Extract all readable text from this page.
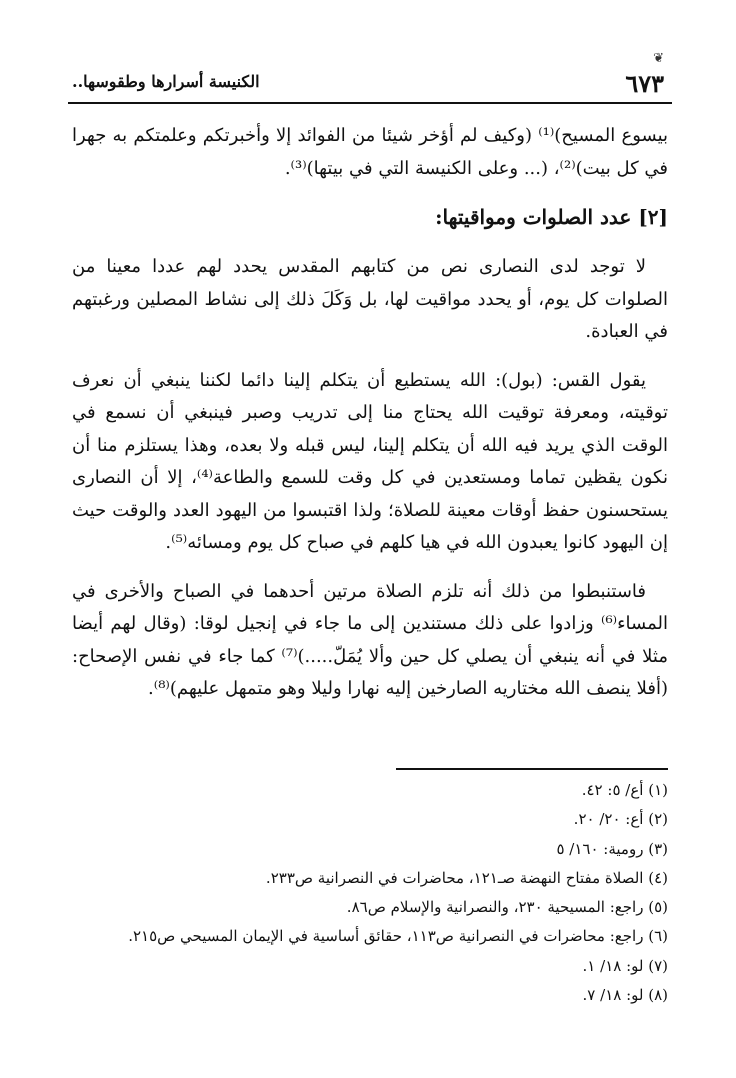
❦
٦٧٣
الكنيسة أسرارها وطقوسها..

بيسوع المسيح)⁽¹⁾ (وكيف لم أؤخر شيئا من الفوائد إلا وأخبرتكم وعلمتكم به جهرا في كل بيت)⁽²⁾، (... وعلى الكنيسة التي في بيتها)⁽³⁾.

[٢] عدد الصلوات ومواقيتها:

لا توجد لدى النصارى نص من كتابهم المقدس يحدد لهم عددا معينا من الصلوات كل يوم، أو يحدد مواقيت لها، بل وَكَلَ ذلك إلى نشاط المصلين ورغبتهم في العبادة.

يقول القس: (بول): الله يستطيع أن يتكلم إلينا دائما لكننا ينبغي أن نعرف توقيته، ومعرفة توقيت الله يحتاج منا إلى تدريب وصبر فينبغي أن نسمع في الوقت الذي يريد فيه الله أن يتكلم إلينا، ليس قبله ولا بعده، وهذا يستلزم منا أن نكون يقظين تماما ومستعدين في كل وقت للسمع والطاعة⁽⁴⁾، إلا أن النصارى يستحسنون حفظ أوقات معينة للصلاة؛ ولذا اقتبسوا من اليهود العدد والوقت حيث إن اليهود كانوا يعبدون الله في هيا كلهم في صباح كل يوم ومسائه⁽⁵⁾.

فاستنبطوا من ذلك أنه تلزم الصلاة مرتين أحدهما في الصباح والأخرى في المساء⁽⁶⁾ وزادوا على ذلك مستندين إلى ما جاء في إنجيل لوقا: (وقال لهم أيضا مثلا في أنه ينبغي أن يصلي كل حين وألا يُمَلّ.....)⁽⁷⁾ كما جاء في نفس الإصحاح: (أفلا ينصف الله مختاريه الصارخين إليه نهارا وليلا وهو متمهل عليهم)⁽⁸⁾.

(١) أع/ ٥: ٤٢.
(٢) أع: ٢٠/ ٢٠.
(٣) رومية: ١٦٠/ ٥
(٤) الصلاة مفتاح النهضة صـ١٢١، محاضرات في النصرانية ص٢٣٣.
(٥) راجع: المسيحية ٢٣٠، والنصرانية والإسلام ص٨٦.
(٦) راجع: محاضرات في النصرانية ص١١٣، حقائق أساسية في الإيمان المسيحي ص٢١٥.
(٧) لو: ١٨/ ١.
(٨) لو: ١٨/ ٧.
